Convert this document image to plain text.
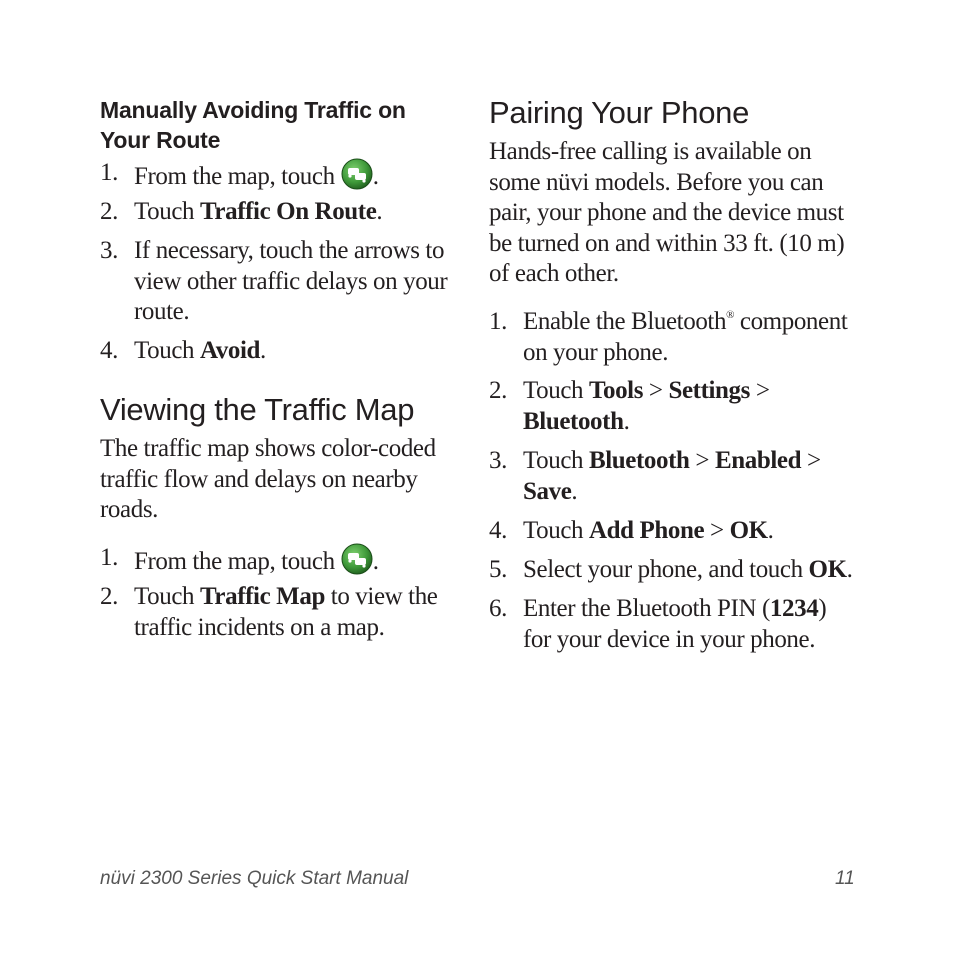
Manually Avoiding Traffic on
Your Route
1. From the map, touch .
2. Touch Traffic On Route.
3. If necessary, touch the arrows to
view other traffic delays on your
route.
4. Touch Avoid.
Viewing the Traffic Map

The traffic map shows color-coded
traffic flow and delays on nearby
roads.

1. From the map, touch .
2. Touch Traffic Map to view the
traffic incidents on a map.
Pairing Your Phone

Hands-free calling is available on
some nüvi models. Before you can
pair, your phone and the device must
be turned on and within 33 ft. (10 m)
of each other.

1. Enable the Bluetooth® component
on your phone.
2. Touch Tools > Settings >
Bluetooth.
3. Touch Bluetooth > Enabled >
Save.
4. Touch Add Phone > OK.
5. Select your phone, and touch OK.
6. Enter the Bluetooth PIN (1234)
for your device in your phone.
nüvi 2300 Series Quick Start Manual	11
